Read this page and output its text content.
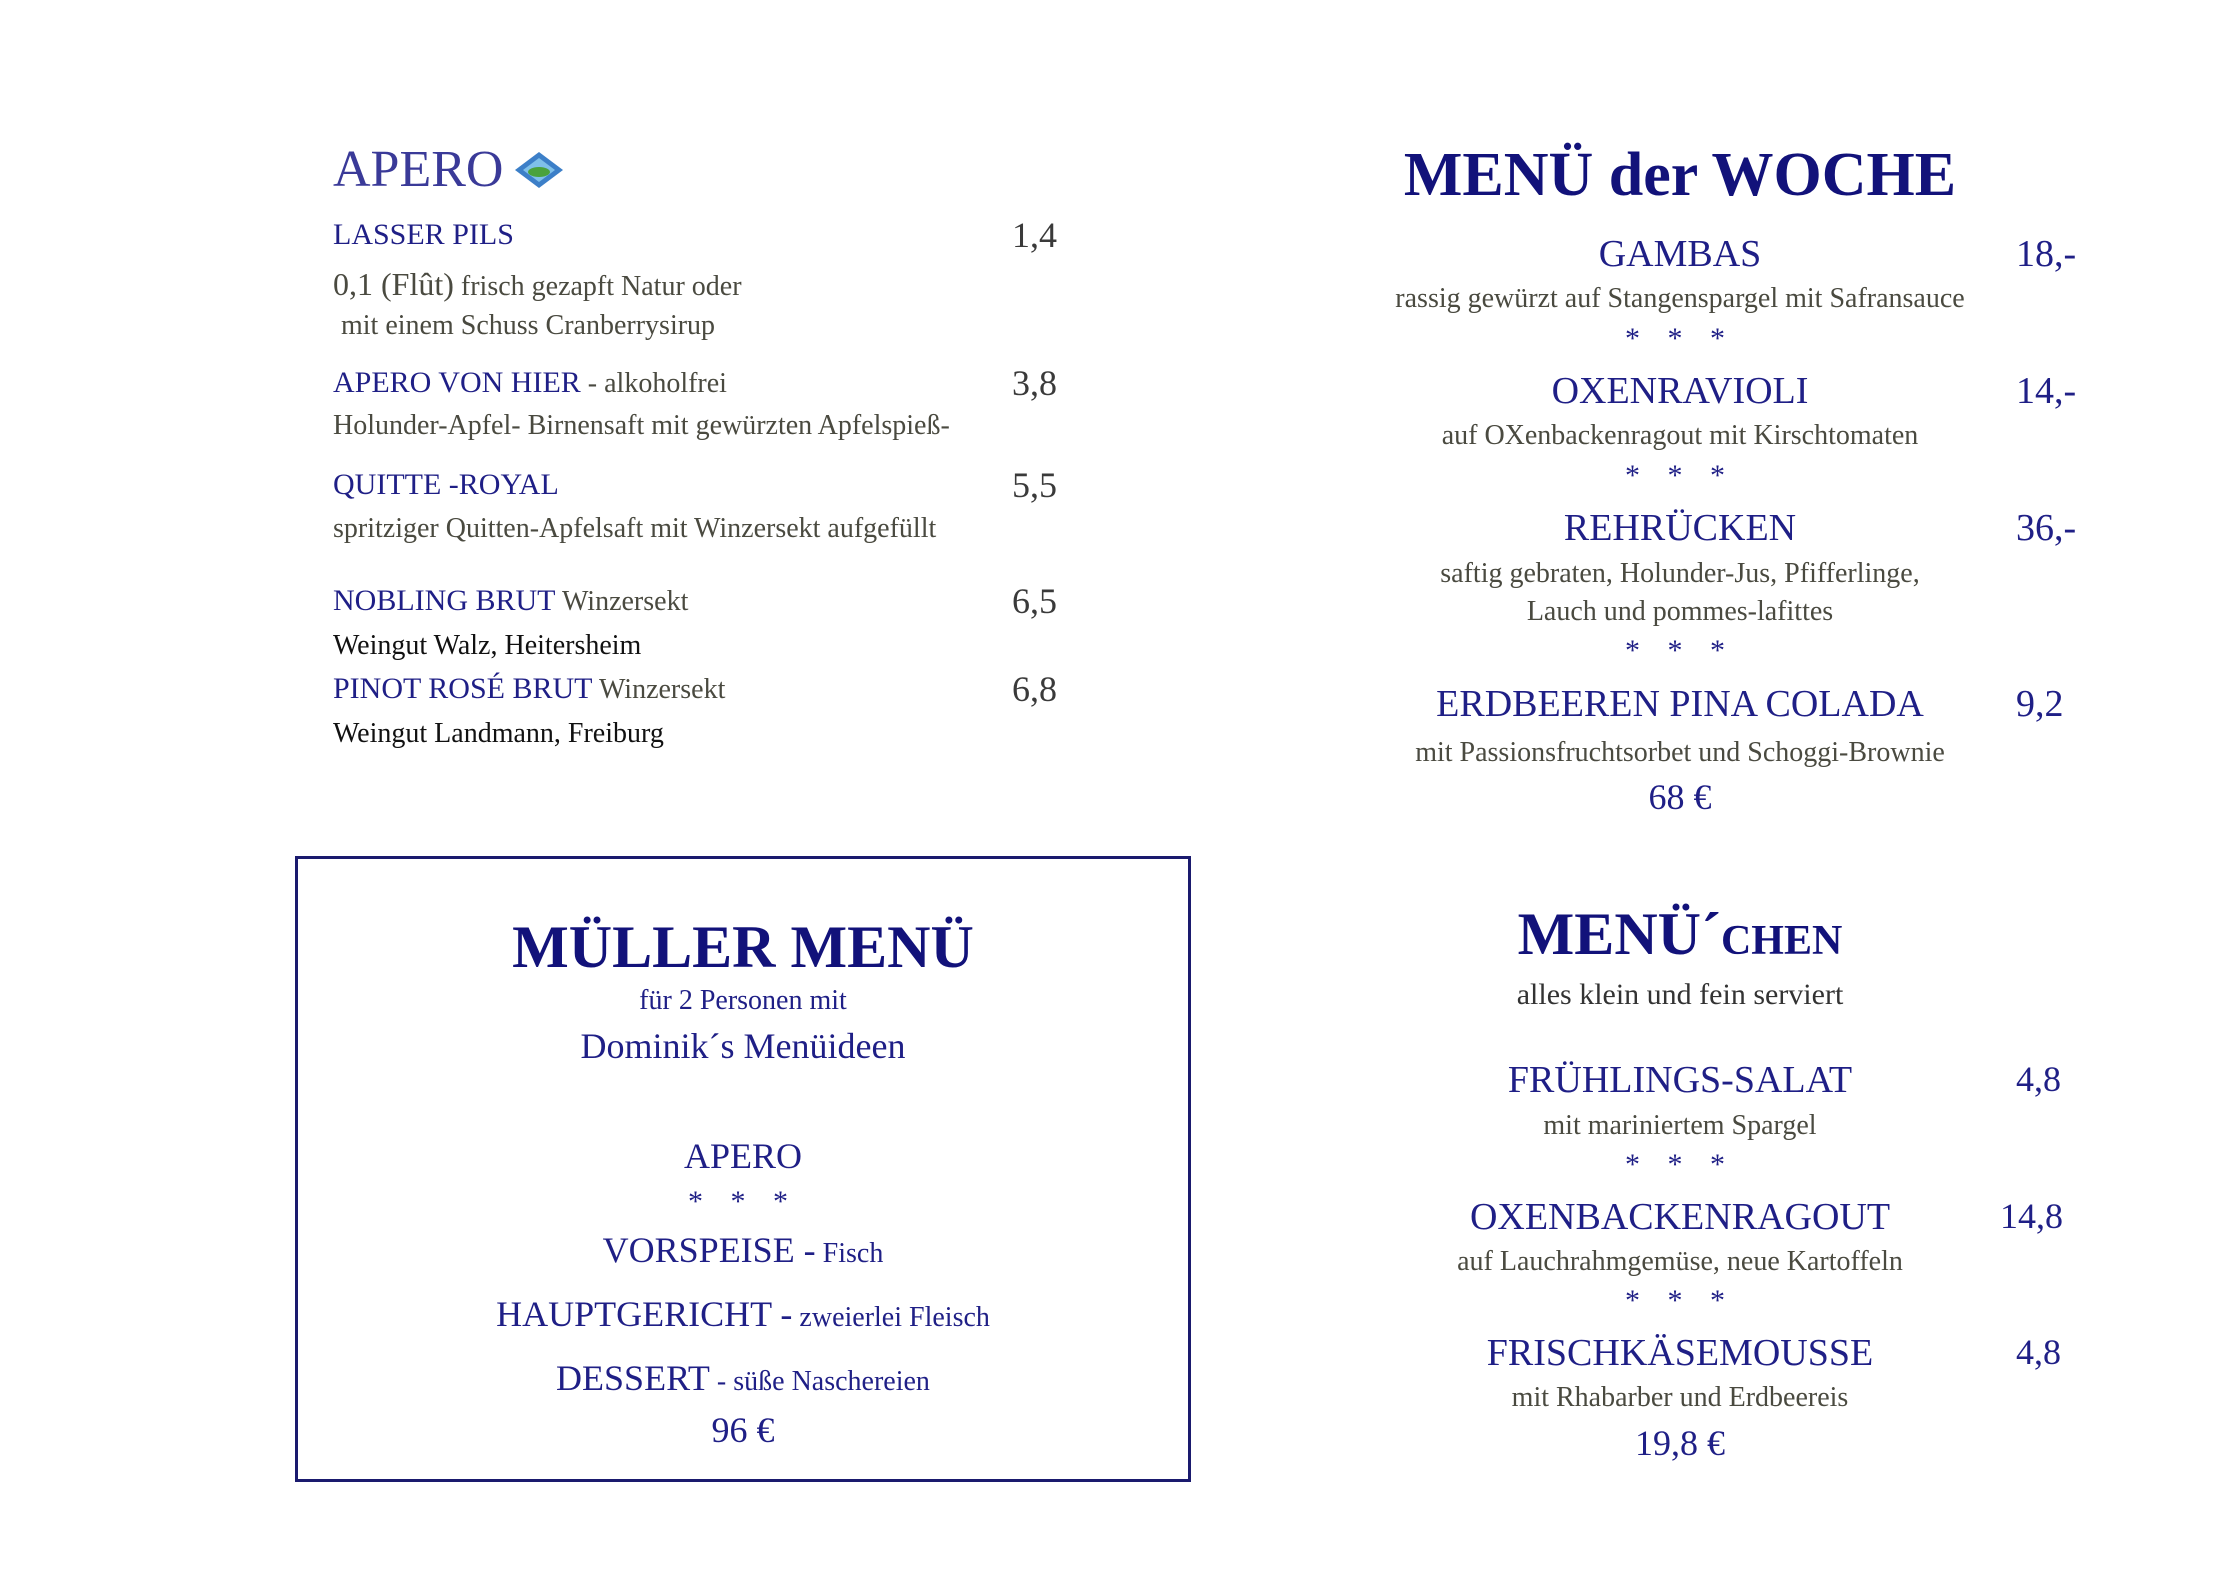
APERO
LASSER PILS	1,4
0,1 (Flût) frisch gezapft Natur oder
mit einem Schuss Cranberrysirup
APERO VON HIER - alkoholfrei	3,8
Holunder-Apfel- Birnensaft mit gewürzten Apfelspieß-
QUITTE -ROYAL	5,5
spritziger Quitten-Apfelsaft mit Winzersekt aufgefüllt
NOBLING BRUT Winzersekt	6,5
Weingut Walz, Heitersheim
PINOT ROSÉ BRUT Winzersekt	6,8
Weingut Landmann, Freiburg
MÜLLER MENÜ
für 2 Personen mit
Dominik´s Menüideen
APERO
* * *
VORSPEISE - Fisch
HAUPTGERICHT - zweierlei Fleisch
DESSERT - süße Naschereien
96 €
MENÜ der WOCHE
GAMBAS	18,-
rassig gewürzt auf Stangenspargel mit Safransauce
* * *
OXENRAVIOLI	14,-
auf OXenbackenragout mit Kirschtomaten
* * *
REHRÜCKEN	36,-
saftig gebraten, Holunder-Jus, Pfifferlinge,
Lauch und pommes-lafittes
* * *
ERDBEEREN PINA COLADA	9,2
mit Passionsfruchtsorbet und Schoggi-Brownie
68 €
MENÜ´CHEN
alles klein und fein serviert
FRÜHLINGS-SALAT	4,8
mit mariniertem Spargel
* * *
OXENBACKENRAGOUT	14,8
auf Lauchrahmgemüse, neue Kartoffeln
* * *
FRISCHKÄSEMOUSSE	4,8
mit Rhabarber und Erdbeereis
19,8 €
